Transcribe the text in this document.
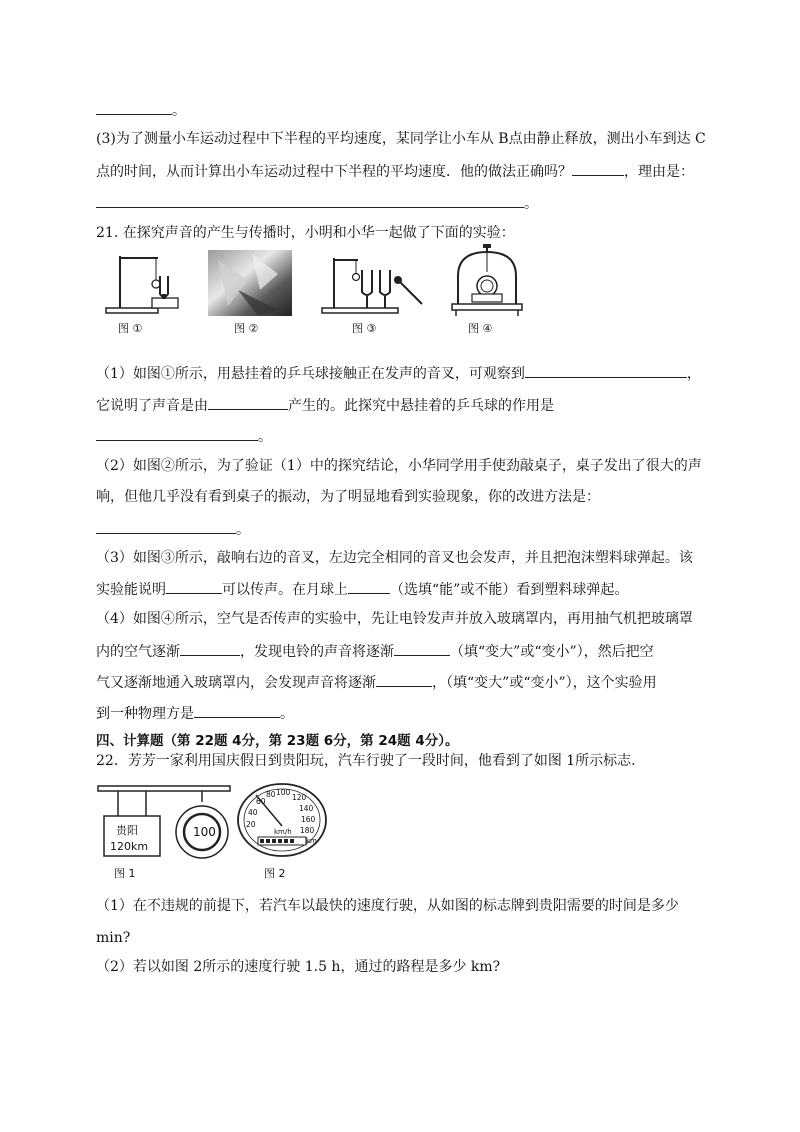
。
(3)为了测量小车运动过程中下半程的平均速度，某同学让小车从 B点由静止释放，测出小车到达 C
点的时间，从而计算出小车运动过程中下半程的平均速度．他的做法正确吗？	，理由是：
。
21. 在探究声音的产生与传播时，小明和小华一起做了下面的实验：
图 ①	图 ②	图 ③	图 ④
（1）如图①所示，用悬挂着的乒乓球接触正在发声的音叉，可观察到	，
它说明了声音是由	产生的。此探究中悬挂着的乒乓球的作用是
。
（2）如图②所示，为了验证（1）中的探究结论，小华同学用手使劲敲桌子，桌子发出了很大的声
响，但他几乎没有看到桌子的振动，为了明显地看到实验现象，你的改进方法是：
。
（3）如图③所示，敲响右边的音叉，左边完全相同的音叉也会发声，并且把泡沫塑料球弹起。该
实验能说明	可以传声。在月球上	（选填“能”或不能）看到塑料球弹起。
（4）如图④所示，空气是否传声的实验中，先让电铃发声并放入玻璃罩内，再用抽气机把玻璃罩
内的空气逐渐	，发现电铃的声音将逐渐	（填“变大”或“变小”），然后把空
气又逐渐地通入玻璃罩内，会发现声音将逐渐	，（填“变大”或“变小”），这个实验用
到一种物理方是	。
四、计算题（第 22题 4分，第 23题 6分，第 24题 4分）。
22．芳芳一家利用国庆假日到贵阳玩，汽车行驶了一段时间，他看到了如图 1所示标志.
贵阳
120km
100
图 1
20
40
60
80 100
120
140
160
180
km/h
km
图 2
（1）在不违规的前提下，若汽车以最快的速度行驶，从如图的标志牌到贵阳需要的时间是多少
min?
（2）若以如图 2所示的速度行驶 1.5 h，通过的路程是多少 km?
